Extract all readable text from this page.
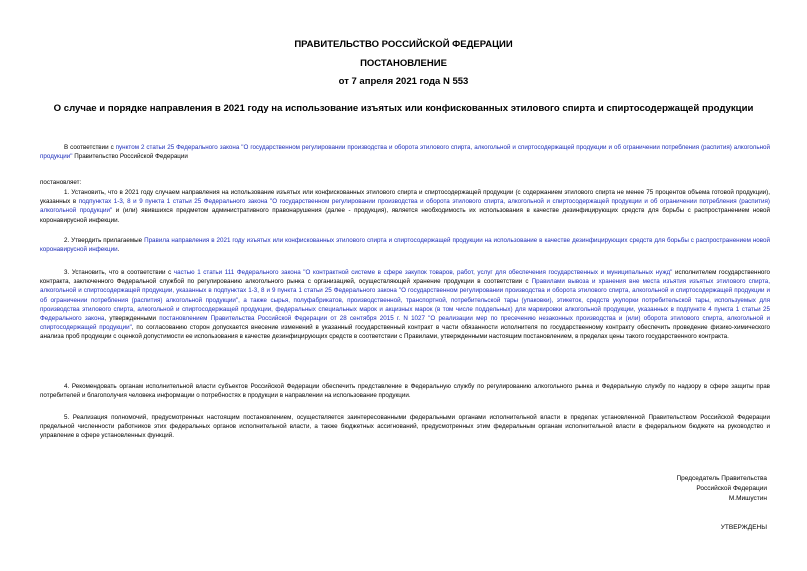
ПРАВИТЕЛЬСТВО РОССИЙСКОЙ ФЕДЕРАЦИИ
ПОСТАНОВЛЕНИЕ
от 7 апреля 2021 года N 553
О случае и порядке направления в 2021 году на использование изъятых или конфискованных этилового спирта и спиртосодержащей продукции

В соответствии с пунктом 2 статьи 25 Федерального закона "О государственном регулировании производства и оборота этилового спирта, алкогольной и спиртосодержащей продукции и об ограничении потребления (распития) алкогольной продукции" Правительство Российской Федерации

постановляет:

1. Установить, что в 2021 году случаем направления на использование изъятых или конфискованных этилового спирта и спиртосодержащей продукции (с содержанием этилового спирта не менее 75 процентов объема готовой продукции), указанных в подпунктах 1-3, 8 и 9 пункта 1 статьи 25 Федерального закона "О государственном регулировании производства и оборота этилового спирта, алкогольной и спиртосодержащей продукции и об ограничении потребления (распития) алкогольной продукции" и (или) явившихся предметом административного правонарушения (далее - продукция), является необходимость их использования в качестве дезинфицирующих средств для борьбы с распространением новой коронавирусной инфекции.

2. Утвердить прилагаемые Правила направления в 2021 году изъятых или конфискованных этилового спирта и спиртосодержащей продукции на использование в качестве дезинфицирующих средств для борьбы с распространением новой коронавирусной инфекции.

3. Установить, что в соответствии с частью 1 статьи 111 Федерального закона "О контрактной системе в сфере закупок товаров, работ, услуг для обеспечения государственных и муниципальных нужд" исполнителем государственного контракта, заключенного Федеральной службой по регулированию алкогольного рынка с организацией, осуществляющей хранение продукции в соответствии с Правилами вывоза и хранения вне места изъятия изъятых этилового спирта, алкогольной и спиртосодержащей продукции, указанных в подпунктах 1-3, 8 и 9 пункта 1 статьи 25 Федерального закона "О государственном регулировании производства и оборота этилового спирта, алкогольной и спиртосодержащей продукции и об ограничении потребления (распития) алкогольной продукции", а также сырья, полуфабрикатов, производственной, транспортной, потребительской тары (упаковки), этикеток, средств укупорки потребительской тары, используемых для производства этилового спирта, алкогольной и спиртосодержащей продукции, федеральных специальных марок и акцизных марок (в том числе поддельных) для маркировки алкогольной продукции, указанных в подпункте 4 пункта 1 статьи 25 Федерального закона, утвержденными постановлением Правительства Российской Федерации от 28 сентября 2015 г. N 1027 "О реализации мер по пресечению незаконных производства и (или) оборота этилового спирта, алкогольной и спиртосодержащей продукции", по согласованию сторон допускается внесение изменений в указанный государственный контракт в части обязанности исполнителя по государственному контракту обеспечить проведение физико-химического анализа проб продукции с оценкой допустимости ее использования в качестве дезинфицирующих средств в соответствии с Правилами, утвержденными настоящим постановлением, в пределах цены такого государственного контракта.

4. Рекомендовать органам исполнительной власти субъектов Российской Федерации обеспечить представление в Федеральную службу по регулированию алкогольного рынка и Федеральную службу по надзору в сфере защиты прав потребителей и благополучия человека информации о потребностях в продукции в направлении на использование продукции.

5. Реализация полномочий, предусмотренных настоящим постановлением, осуществляется заинтересованными федеральными органами исполнительной власти в пределах установленной Правительством Российской Федерации предельной численности работников этих федеральных органов исполнительной власти, а также бюджетных ассигнований, предусмотренных этим федеральным органам исполнительной власти в федеральном бюджете на руководство и управление в сфере установленных функций.

Председатель Правительства
Российской Федерации
М.Мишустин
УТВЕРЖДЕНЫ
